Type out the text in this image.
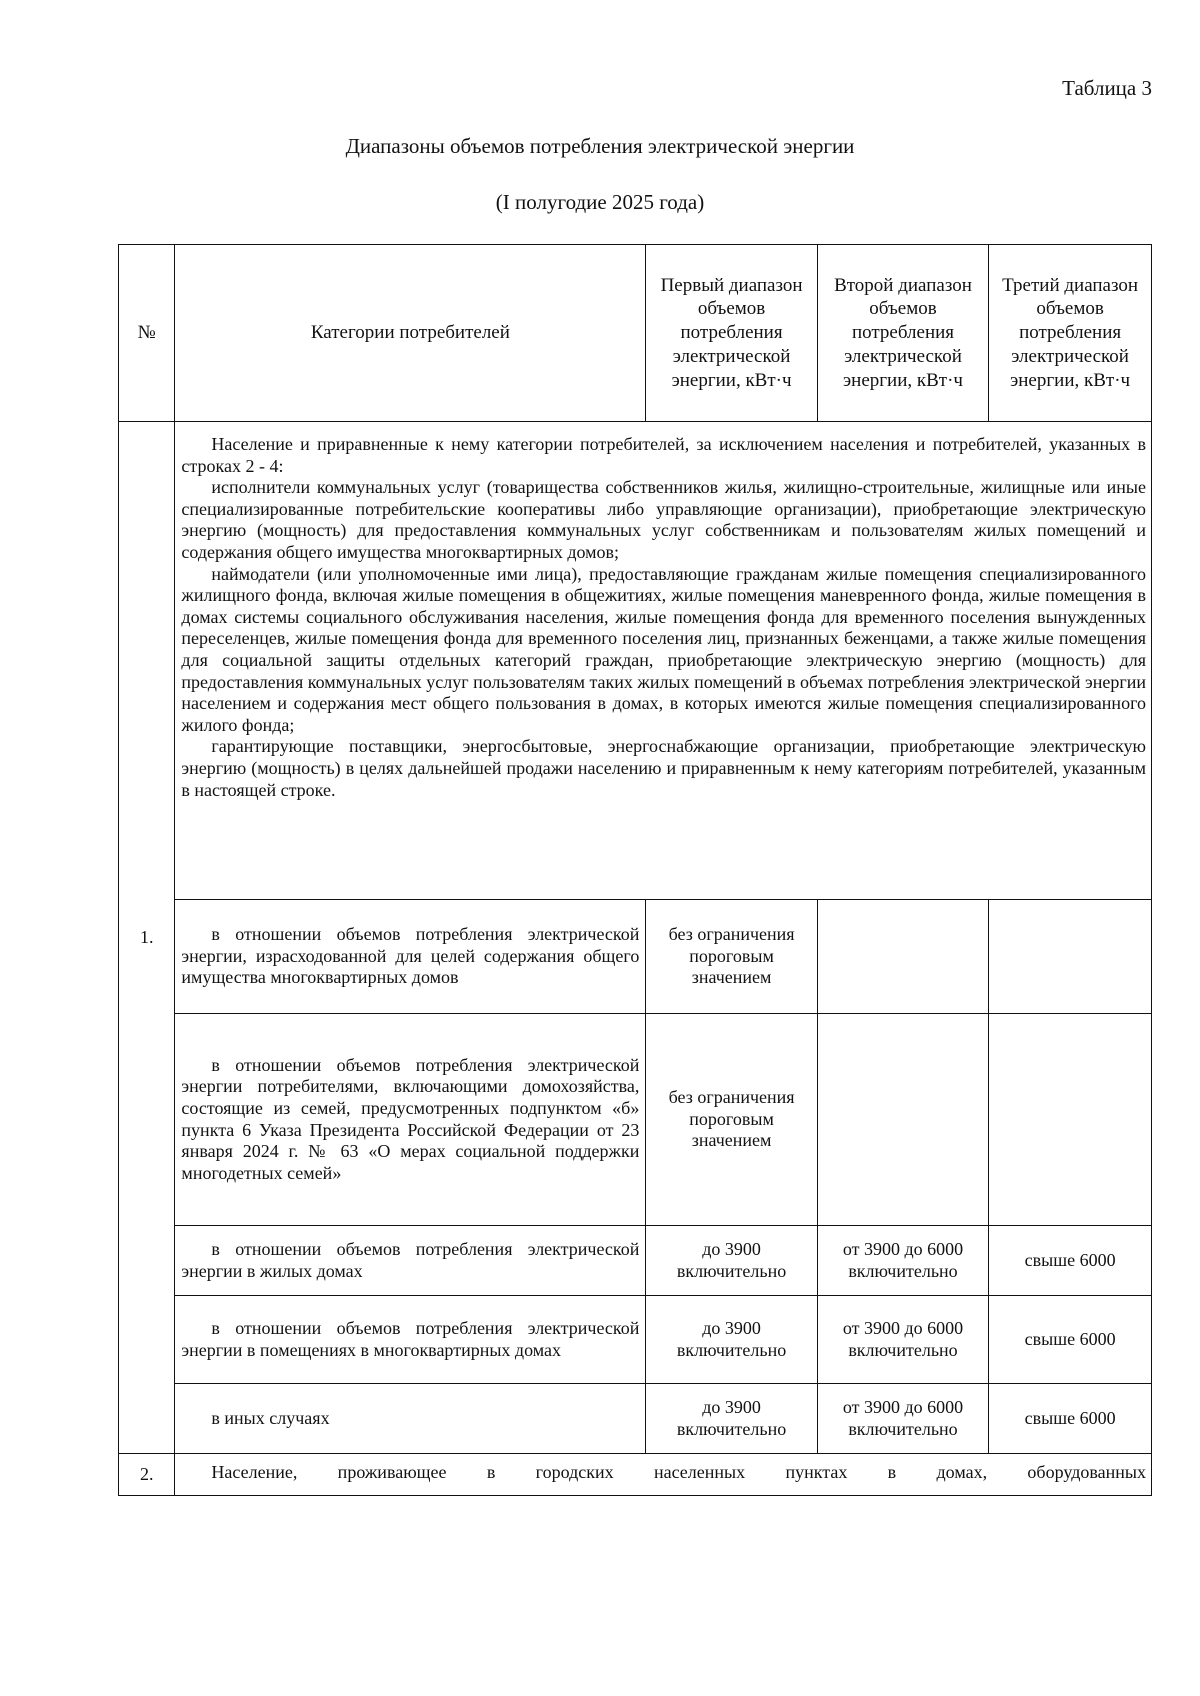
Таблица 3
Диапазоны объемов потребления электрической энергии
(I полугодие 2025 года)
№	Категории потребителей	Первый диапазон объемов потребления электрической энергии, кВт·ч	Второй диапазон объемов потребления электрической энергии, кВт·ч	Третий диапазон объемов потребления электрической энергии, кВт·ч
1.	Население и приравненные к нему категории потребителей, за исключением населения и потребителей, указанных в строках 2 - 4:

исполнители коммунальных услуг (товарищества собственников жилья, жилищно-строительные, жилищные или иные специализированные потребительские кооперативы либо управляющие организации), приобретающие электрическую энергию (мощность) для предоставления коммунальных услуг собственникам и пользователям жилых помещений и содержания общего имущества многоквартирных домов;

наймодатели (или уполномоченные ими лица), предоставляющие гражданам жилые помещения специализированного жилищного фонда, включая жилые помещения в общежитиях, жилые помещения маневренного фонда, жилые помещения в домах системы социального обслуживания населения, жилые помещения фонда для временного поселения вынужденных переселенцев, жилые помещения фонда для временного поселения лиц, признанных беженцами, а также жилые помещения для социальной защиты отдельных категорий граждан, приобретающие электрическую энергию (мощность) для предоставления коммунальных услуг пользователям таких жилых помещений в объемах потребления электрической энергии населением и содержания мест общего пользования в домах, в которых имеются жилые помещения специализированного жилого фонда;

гарантирующие поставщики, энергосбытовые, энергоснабжающие организации, приобретающие электрическую энергию (мощность) в целях дальнейшей продажи населению и приравненным к нему категориям потребителей, указанным в настоящей строке.			

	в отношении объемов потребления электрической энергии, израсходованной для целей содержания общего имущества многоквартирных домов	без ограничения пороговым значением		
	в отношении объемов потребления электрической энергии потребителями, включающими домохозяйства, состоящие из семей, предусмотренных подпунктом «б» пункта 6 Указа Президента Российской Федерации от 23 января 2024 г. № 63 «О мерах социальной поддержки многодетных семей»	без ограничения пороговым значением		
	в отношении объемов потребления электрической энергии в жилых домах	до 3900 включительно	от 3900 до 6000 включительно	свыше 6000
	в отношении объемов потребления электрической энергии в помещениях в многоквартирных домах	до 3900 включительно	от 3900 до 6000 включительно	свыше 6000
	в иных случаях	до 3900 включительно	от 3900 до 6000 включительно	свыше 6000
2.	Население, проживающее в городских населенных пунктах в домах, оборудованных			
